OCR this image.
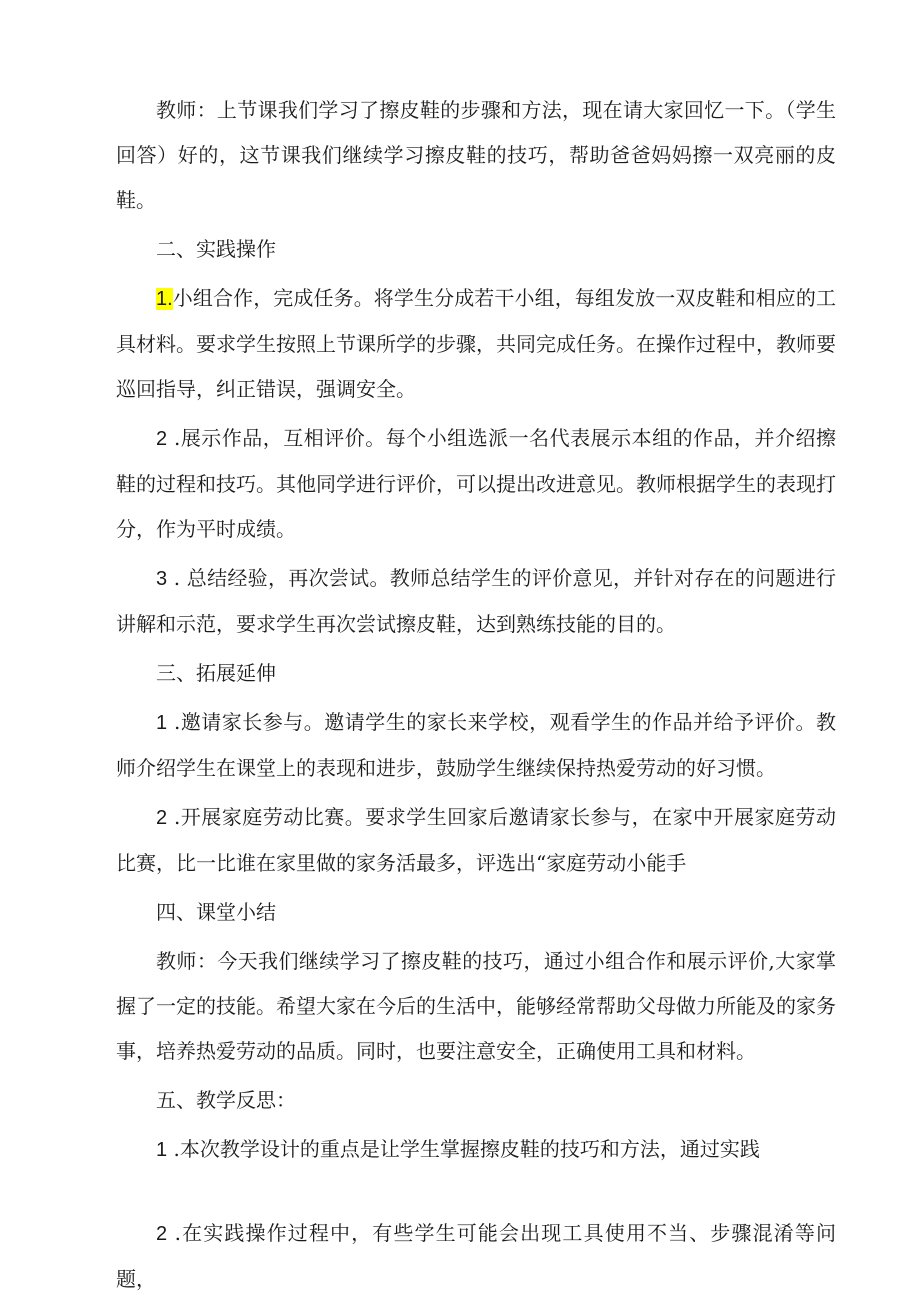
教师：上节课我们学习了擦皮鞋的步骤和方法，现在请大家回忆一下。（学生回答）好的，这节课我们继续学习擦皮鞋的技巧，帮助爸爸妈妈擦一双亮丽的皮鞋。

二、实践操作

1.小组合作，完成任务。将学生分成若干小组，每组发放一双皮鞋和相应的工具材料。要求学生按照上节课所学的步骤，共同完成任务。在操作过程中，教师要巡回指导，纠正错误，强调安全。

2 .展示作品，互相评价。每个小组选派一名代表展示本组的作品，并介绍擦鞋的过程和技巧。其他同学进行评价，可以提出改进意见。教师根据学生的表现打分，作为平时成绩。

3 . 总结经验，再次尝试。教师总结学生的评价意见，并针对存在的问题进行讲解和示范，要求学生再次尝试擦皮鞋，达到熟练技能的目的。

三、拓展延伸

1 .邀请家长参与。邀请学生的家长来学校，观看学生的作品并给予评价。教师介绍学生在课堂上的表现和进步，鼓励学生继续保持热爱劳动的好习惯。

2 .开展家庭劳动比赛。要求学生回家后邀请家长参与，在家中开展家庭劳动比赛，比一比谁在家里做的家务活最多，评选出“家庭劳动小能手

四、课堂小结

教师：今天我们继续学习了擦皮鞋的技巧，通过小组合作和展示评价,大家掌握了一定的技能。希望大家在今后的生活中，能够经常帮助父母做力所能及的家务事，培养热爱劳动的品质。同时，也要注意安全，正确使用工具和材料。

五、教学反思：

1 .本次教学设计的重点是让学生掌握擦皮鞋的技巧和方法，通过实践

2 .在实践操作过程中，有些学生可能会出现工具使用不当、步骤混淆等问题，
